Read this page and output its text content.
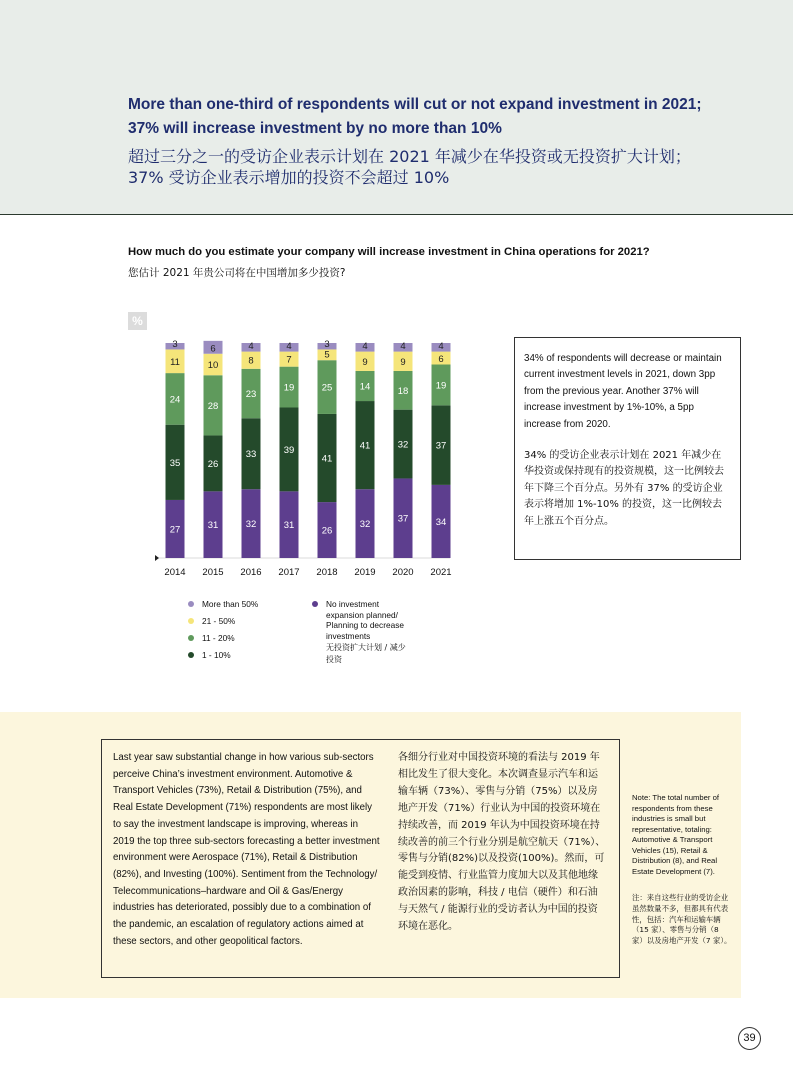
More than one-third of respondents will cut or not expand investment in 2021;
37% will increase investment by no more than 10%
超过三分之一的受访企业表示计划在 2021 年减少在华投资或无投资扩大计划；
37% 受访企业表示增加的投资不会超过 10%
How much do you estimate your company will increase investment in China operations for 2021?
您估计 2021 年贵公司将在中国增加多少投资?
%
27
35
24
11
3
2014
31
26
28
10
6
2015
32
33
23
8
4
2016
31
39
19
7
4
2017
26
41
25
5
3
2018
32
41
14
9
4
2019
37
32
18
9
4
2020
34
37
19
6
4
2021
More than 50%
21 - 50%
11 - 20%
1 - 10%
No investment
expansion planned/
Planning to decrease
investments
无投资扩大计划 / 减少
投资
34% of respondents will decrease or maintain current investment levels in 2021, down 3pp from the previous year. Another 37% will increase investment by 1%-10%, a 5pp increase from 2020.
34% 的受访企业表示计划在 2021 年减少在华投资或保持现有的投资规模，这一比例较去年下降三个百分点。另外有 37% 的受访企业表示将增加 1%-10% 的投资，这一比例较去年上涨五个百分点。
Last year saw substantial change in how various sub-sectors perceive China’s investment environment. Automotive & Transport Vehicles (73%), Retail & Distribution (75%), and Real Estate Development (71%) respondents are most likely to say the investment landscape is improving, whereas in 2019 the top three sub-sectors forecasting a better investment environment were Aerospace (71%), Retail & Distribution (82%), and Investing (100%). Sentiment from the Technology/ Telecommunications–hardware and Oil & Gas/Energy industries has deteriorated, possibly due to a combination of the pandemic, an escalation of regulatory actions aimed at these sectors, and other geopolitical factors.
各细分行业对中国投资环境的看法与 2019 年相比发生了很大变化。本次调查显示汽车和运输车辆（73%）、零售与分销（75%）以及房地产开发（71%）行业认为中国的投资环境在持续改善，而 2019 年认为中国投资环境在持续改善的前三个行业分别是航空航天（71%）、零售与分销(82%)以及投资(100%)。然而，可能受到疫情、行业监管力度加大以及其他地缘政治因素的影响，科技 / 电信（硬件）和石油与天然气 / 能源行业的受访者认为中国的投资环境在恶化。
Note: The total number of respondents from these industries is small but representative, totaling: Automotive & Transport Vehicles (15), Retail & Distribution (8), and Real Estate Development (7).
注：来自这些行业的受访企业虽然数量不多，但都具有代表性，包括：汽车和运输车辆（15 家）、零售与分销（8 家）以及房地产开发（7 家）。
39
